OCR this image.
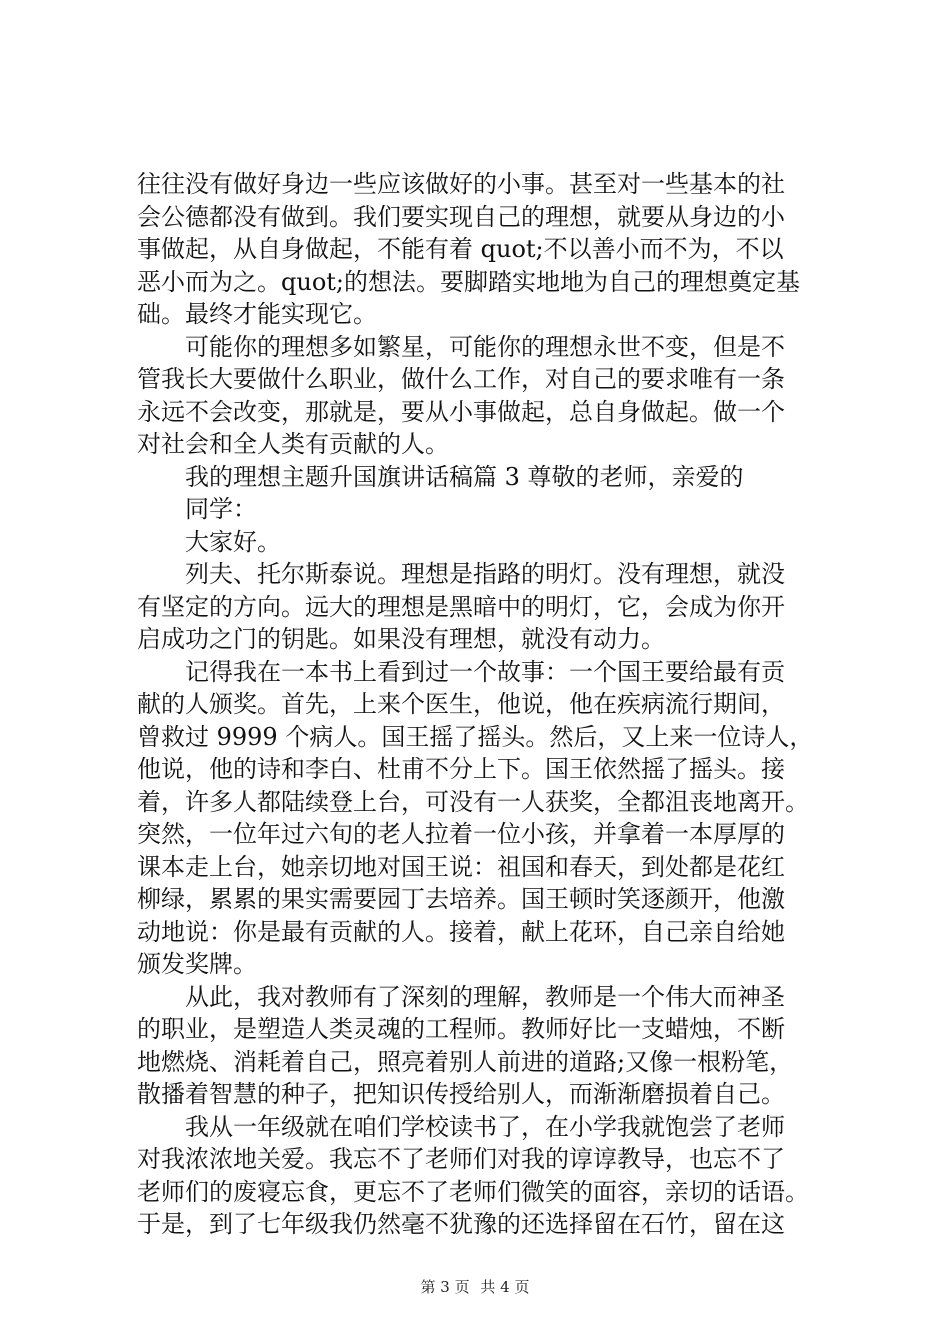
往往没有做好身边一些应该做好的小事。甚至对一些基本的社
会公德都没有做到。我们要实现自己的理想，就要从身边的小
事做起，从自身做起，不能有着 quot;不以善小而不为，不以
恶小而为之。quot;的想法。要脚踏实地地为自己的理想奠定基
础。最终才能实现它。
可能你的理想多如繁星，可能你的理想永世不变，但是不
管我长大要做什么职业，做什么工作，对自己的要求唯有一条
永远不会改变，那就是，要从小事做起，总自身做起。做一个
对社会和全人类有贡献的人。
我的理想主题升国旗讲话稿篇 3 尊敬的老师，亲爱的
同学：
大家好。
列夫、托尔斯泰说。理想是指路的明灯。没有理想，就没
有坚定的方向。远大的理想是黑暗中的明灯，它，会成为你开
启成功之门的钥匙。如果没有理想，就没有动力。
记得我在一本书上看到过一个故事：一个国王要给最有贡
献的人颁奖。首先，上来个医生，他说，他在疾病流行期间，
曾救过 9999 个病人。国王摇了摇头。然后，又上来一位诗人，
他说，他的诗和李白、杜甫不分上下。国王依然摇了摇头。接
着，许多人都陆续登上台，可没有一人获奖，全都沮丧地离开。
突然，一位年过六旬的老人拉着一位小孩，并拿着一本厚厚的
课本走上台，她亲切地对国王说：祖国和春天，到处都是花红
柳绿，累累的果实需要园丁去培养。国王顿时笑逐颜开，他激
动地说：你是最有贡献的人。接着，献上花环，自己亲自给她
颁发奖牌。
从此，我对教师有了深刻的理解，教师是一个伟大而神圣
的职业，是塑造人类灵魂的工程师。教师好比一支蜡烛，不断
地燃烧、消耗着自己，照亮着别人前进的道路;又像一根粉笔，
散播着智慧的种子，把知识传授给别人，而渐渐磨损着自己。
我从一年级就在咱们学校读书了，在小学我就饱尝了老师
对我浓浓地关爱。我忘不了老师们对我的谆谆教导，也忘不了
老师们的废寝忘食，更忘不了老师们微笑的面容，亲切的话语。
于是，到了七年级我仍然毫不犹豫的还选择留在石竹，留在这
第 3 页 共 4 页
